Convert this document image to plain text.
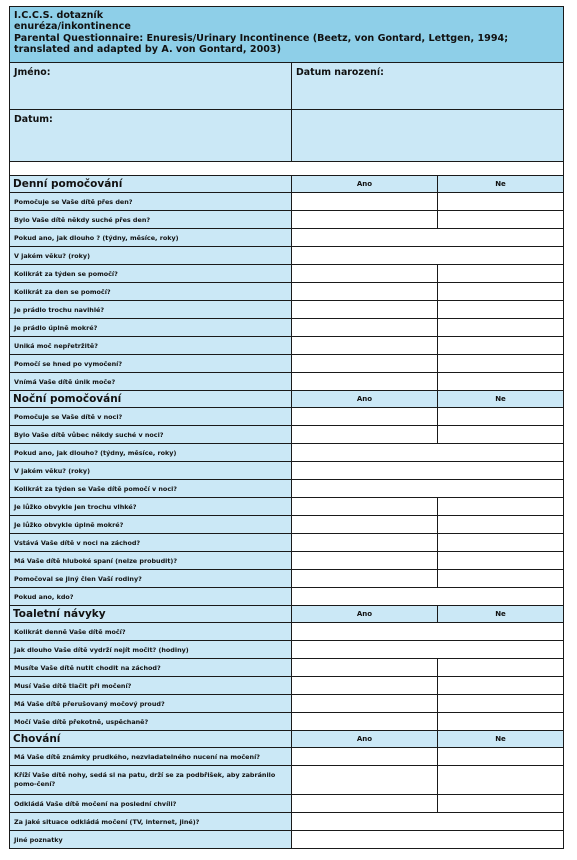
I.C.C.S. dotazník
enuréza/inkontinence
Parental Questionnaire: Enuresis/Urinary Incontinence (Beetz, von Gontard, Lettgen, 1994;
translated and adapted by A. von Gontard, 2003)		

Jméno:	Datum narození:	
Datum:		

Denní pomočování	Ano	Ne
Pomočuje se Vaše dítě přes den?		
Bylo Vaše dítě někdy suché přes den?		
Pokud ano, jak dlouho ? (týdny, měsíce, roky)		
V jakém věku? (roky)		
Kolikrát za týden se pomočí?		
Kolikrát za den se pomočí?		
Je prádlo trochu navlhlé?		
Je prádlo úplně mokré?		
Uniká moč nepřetržitě?		
Pomočí se hned po vymočení?		
Vnímá Vaše dítě únik moče?		
Noční pomočování	Ano	Ne
Pomočuje se Vaše dítě v noci?		
Bylo Vaše dítě vůbec někdy suché v noci?		
Pokud ano, jak dlouho? (týdny, měsíce, roky)		
V jakém věku? (roky)		
Kolikrát za týden se Vaše dítě pomočí v noci?		
Je lůžko obvykle jen trochu vlhké?		
Je lůžko obvykle úplně mokré?		
Vstává Vaše dítě v noci na záchod?		
Má Vaše dítě hluboké spaní (nelze probudit)?		
Pomočoval se jiný člen Vaší rodiny?		
Pokud ano, kdo?		
Toaletní návyky	Ano	Ne
Kolikrát denně Vaše dítě močí?		
Jak dlouho Vaše dítě vydrží nejít močit? (hodiny)		
Musíte Vaše dítě nutit chodit na záchod?		
Musí Vaše dítě tlačit při močení?		
Má Vaše dítě přerušovaný močový proud?		
Močí Vaše dítě překotně, uspěchaně?		
Chování	Ano	Ne
Má Vaše dítě známky prudkého, nezvladatelného nucení na močení?		
Kříží Vaše dítě nohy, sedá si na patu, drží se za podbřišek, aby zabránilo pomo-čení?		
Odkládá Vaše dítě močení na poslední chvíli?		
Za jaké situace odkládá močení (TV, internet, jiné)?		
Jiné poznatky		
